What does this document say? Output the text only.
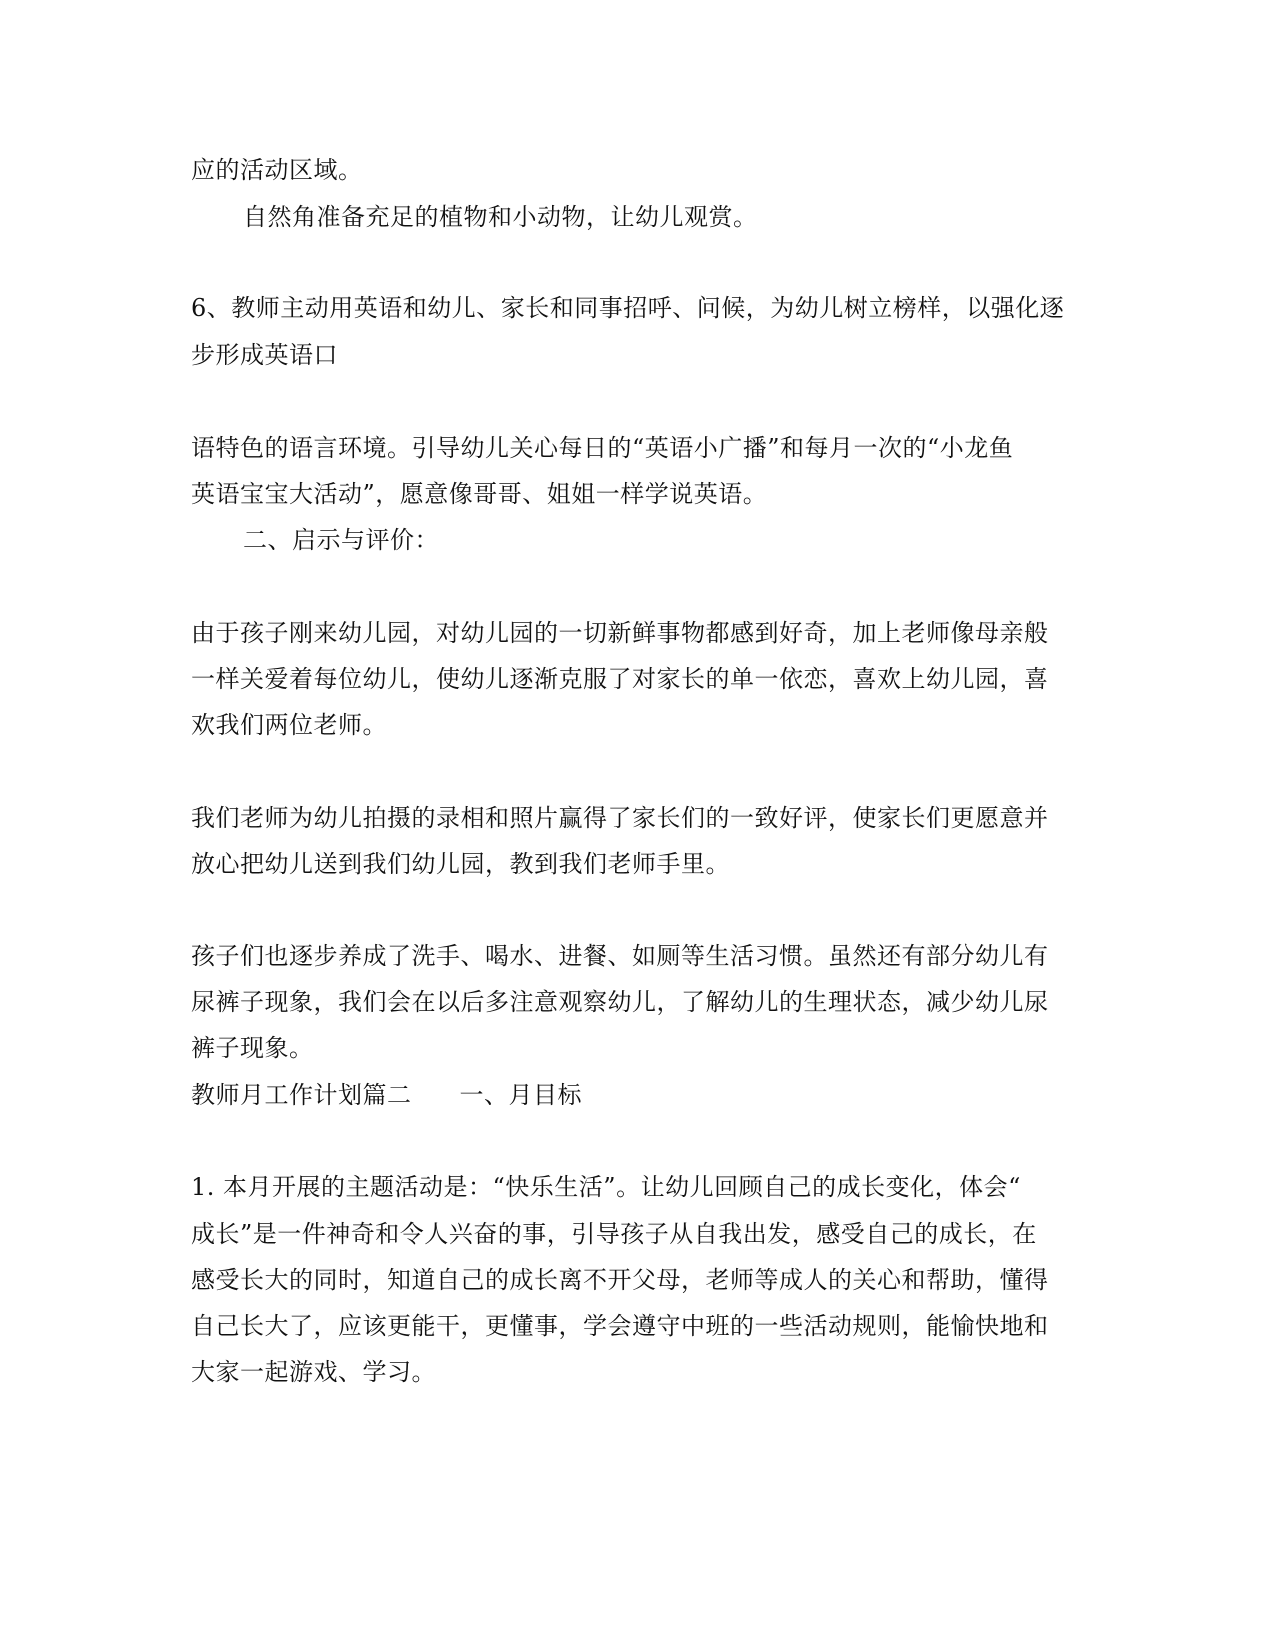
应的活动区域。
自然角准备充足的植物和小动物，让幼儿观赏。
6、教师主动用英语和幼儿、家长和同事招呼、问候，为幼儿树立榜样，以强化逐
步形成英语口
语特色的语言环境。引导幼儿关心每日的“英语小广播”和每月一次的“小龙鱼
英语宝宝大活动”，愿意像哥哥、姐姐一样学说英语。
二、启示与评价：
由于孩子刚来幼儿园，对幼儿园的一切新鲜事物都感到好奇，加上老师像母亲般
一样关爱着每位幼儿，使幼儿逐渐克服了对家长的单一依恋，喜欢上幼儿园，喜
欢我们两位老师。
我们老师为幼儿拍摄的录相和照片赢得了家长们的一致好评，使家长们更愿意并
放心把幼儿送到我们幼儿园，教到我们老师手里。
孩子们也逐步养成了洗手、喝水、进餐、如厕等生活习惯。虽然还有部分幼儿有
尿裤子现象，我们会在以后多注意观察幼儿，了解幼儿的生理状态，减少幼儿尿
裤子现象。
教师月工作计划篇二 一、月目标
1. 本月开展的主题活动是：“快乐生活”。让幼儿回顾自己的成长变化，体会“
成长”是一件神奇和令人兴奋的事，引导孩子从自我出发，感受自己的成长，在
感受长大的同时，知道自己的成长离不开父母，老师等成人的关心和帮助，懂得
自己长大了，应该更能干，更懂事，学会遵守中班的一些活动规则，能愉快地和
大家一起游戏、学习。
